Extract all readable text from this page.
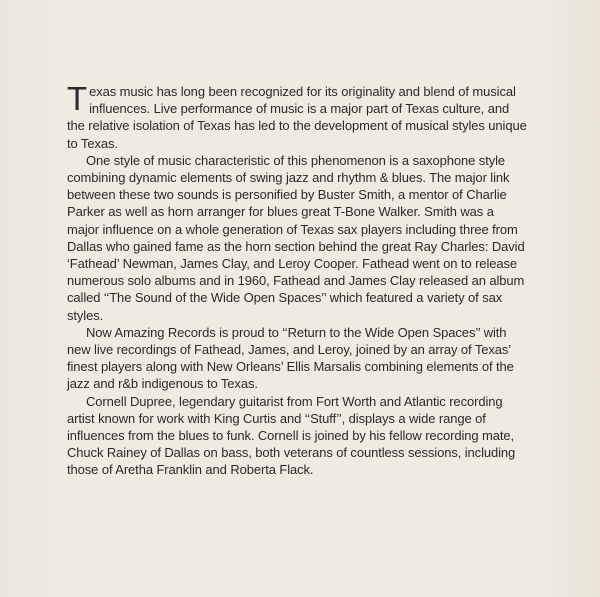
Texas music has long been recognized for its originality and blend of musical influences. Live performance of music is a major part of Texas culture, and the relative isolation of Texas has led to the development of musical styles unique to Texas.

One style of music characteristic of this phenomenon is a saxophone style combining dynamic elements of swing jazz and rhythm & blues. The major link between these two sounds is personified by Buster Smith, a mentor of Charlie Parker as well as horn arranger for blues great T-Bone Walker. Smith was a major influence on a whole generation of Texas sax players including three from Dallas who gained fame as the horn section behind the great Ray Charles: David ‘Fathead’ Newman, James Clay, and Leroy Cooper. Fathead went on to release numerous solo albums and in 1960, Fathead and James Clay released an album called ‘‘The Sound of the Wide Open Spaces’’ which featured a variety of sax styles.

Now Amazing Records is proud to ‘‘Return to the Wide Open Spaces’’ with new live recordings of Fathead, James, and Leroy, joined by an array of Texas’ finest players along with New Orleans’ Ellis Marsalis combining elements of the jazz and r&b indigenous to Texas.

Cornell Dupree, legendary guitarist from Fort Worth and Atlantic recording artist known for work with King Curtis and ‘‘Stuff’’, displays a wide range of influences from the blues to funk. Cornell is joined by his fellow recording mate, Chuck Rainey of Dallas on bass, both veterans of countless sessions, including those of Aretha Franklin and Roberta Flack.
